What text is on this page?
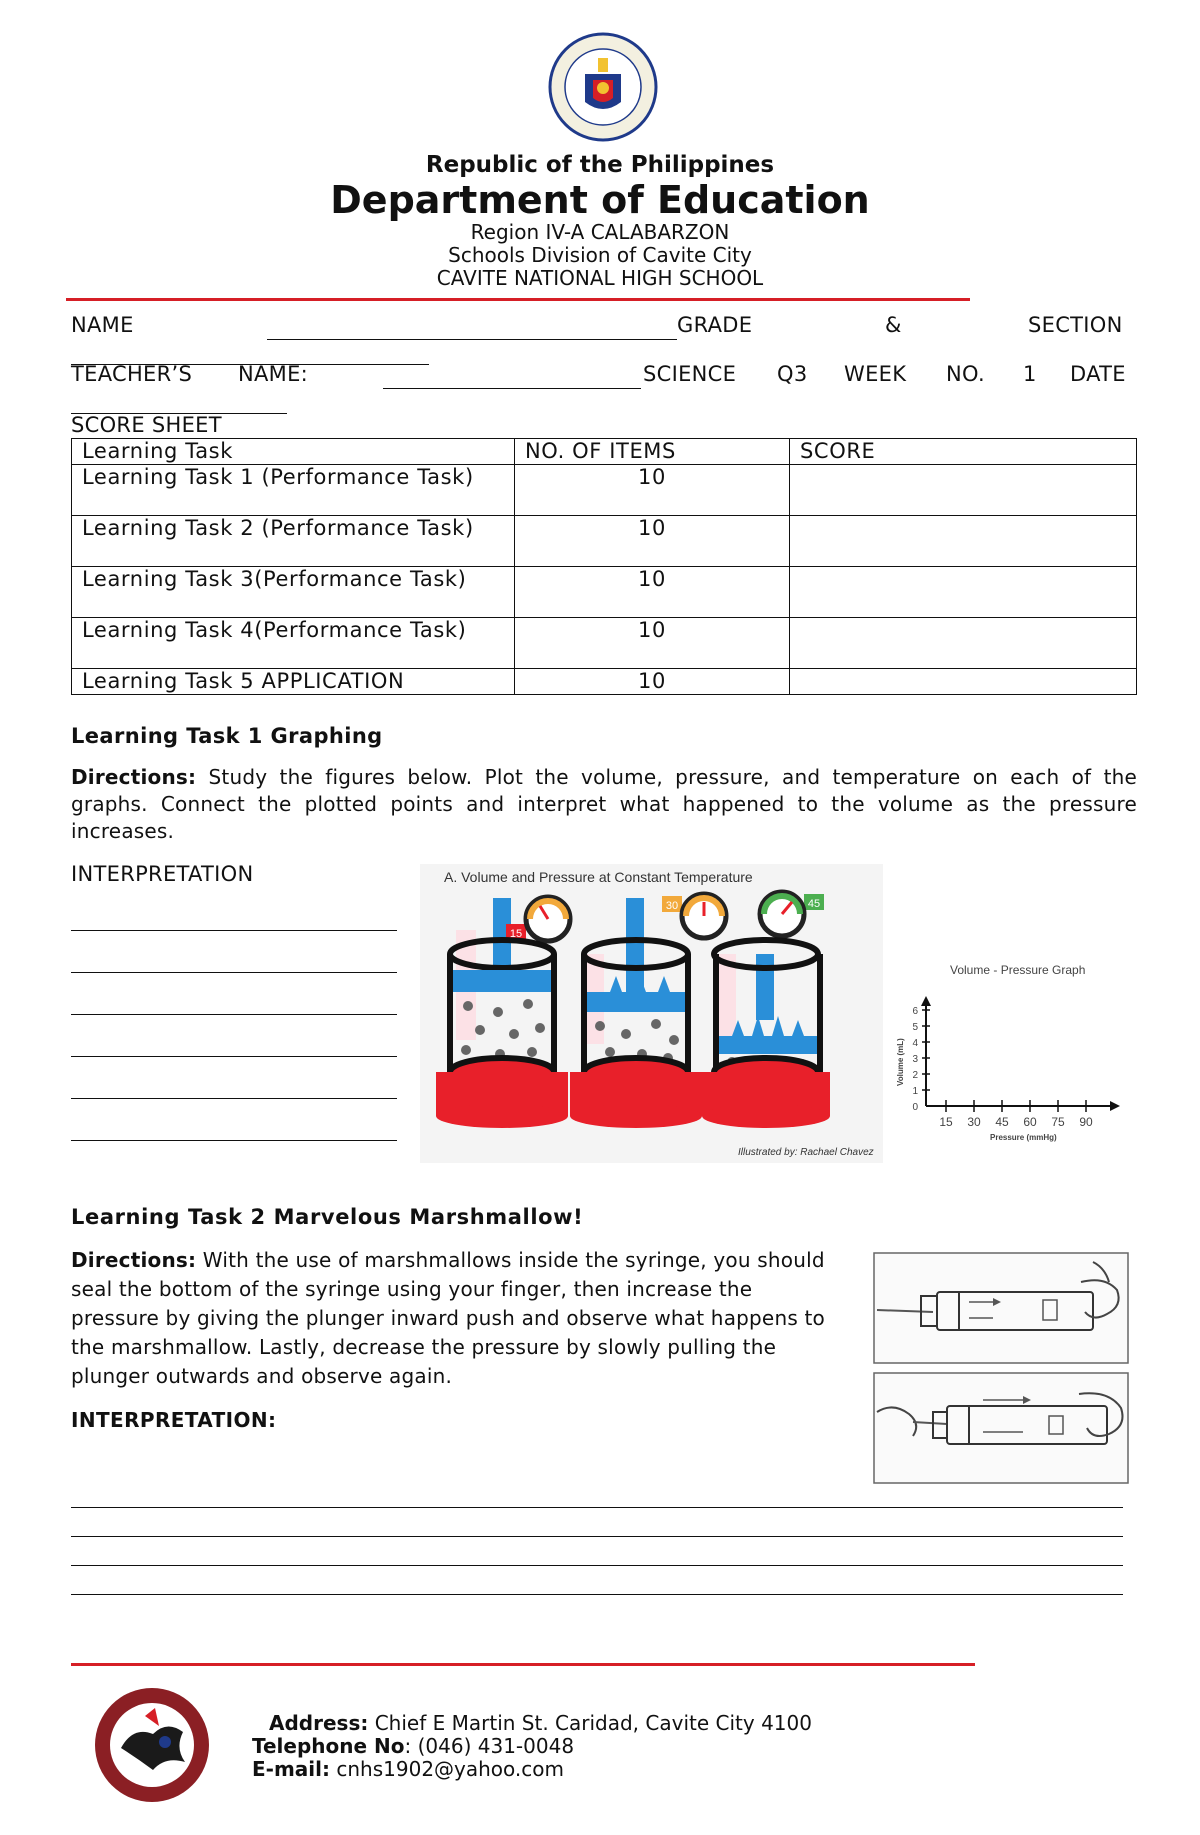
Republic of the Philippines
Department of Education
Region IV-A CALABARZON
Schools Division of Cavite City
CAVITE NATIONAL HIGH SCHOOL
NAME	GRADE	&	SECTION
TEACHER’S NAME:	SCIENCE Q3 WEEK NO. 1 DATE
SCORE SHEET
Learning Task	NO. OF ITEMS	SCORE
Learning Task 1 (Performance Task)	10	
Learning Task 2 (Performance Task)	10	
Learning Task 3(Performance Task)	10	
Learning Task 4(Performance Task)	10	
Learning Task 5 APPLICATION	10	
Learning Task 1 Graphing
Directions: Study the figures below. Plot the volume, pressure, and temperature on each of the graphs. Connect the plotted points and interpret what happened to the volume as the pressure increases.
INTERPRETATION	A. Volume and Pressure at Constant Temperature
15
30	45
Illustrated by: Rachael Chavez
Volume - Pressure Graph
0
1
2
3
4
5
6
15 30 45 60 75 90
Pressure (mmHg)
Volume (mL)
Learning Task 2 Marvelous Marshmallow!
Directions: With the use of marshmallows inside the syringe, you should seal the bottom of the syringe using your finger, then increase the pressure by giving the plunger inward push and observe what happens to the marshmallow. Lastly, decrease the pressure by slowly pulling the plunger outwards and observe again.
INTERPRETATION:
Address: Chief E Martin St. Caridad, Cavite City 4100
Telephone No: (046) 431-0048
E-mail: cnhs1902@yahoo.com
